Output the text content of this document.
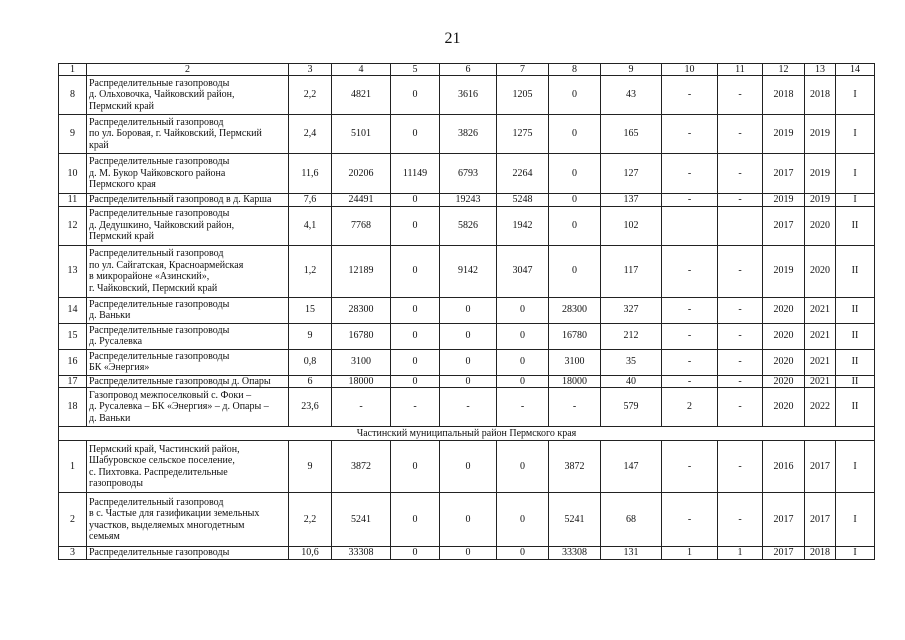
21
1	2	3	4	5	6	7	8	9	10	11	12	13	14
8	Распределительные газопроводы
д. Ольховочка, Чайковский район,
Пермский край	2,2	4821	0	3616	1205	0	43	-	-	2018	2018	I
9	Распределительный газопровод
по ул. Боровая, г. Чайковский, Пермский
край	2,4	5101	0	3826	1275	0	165	-	-	2019	2019	I
10	Распределительные газопроводы
д. М. Букор Чайковского района
Пермского края	11,6	20206	11149	6793	2264	0	127	-	-	2017	2019	I
11	Распределительный газопровод в д. Карша	7,6	24491	0	19243	5248	0	137	-	-	2019	2019	I
12	Распределительные газопроводы
д. Дедушкино, Чайковский район,
Пермский край	4,1	7768	0	5826	1942	0	102			2017	2020	II
13	Распределительный газопровод
по ул. Сайгатская, Красноармейская
в микрорайоне «Азинский»,
г. Чайковский, Пермский край	1,2	12189	0	9142	3047	0	117	-	-	2019	2020	II
14	Распределительные газопроводы
д. Ваньки	15	28300	0	0	0	28300	327	-	-	2020	2021	II
15	Распределительные газопроводы
д. Русалевка	9	16780	0	0	0	16780	212	-	-	2020	2021	II
16	Распределительные газопроводы
БК «Энергия»	0,8	3100	0	0	0	3100	35	-	-	2020	2021	II
17	Распределительные газопроводы д. Опары	6	18000	0	0	0	18000	40	-	-	2020	2021	II
18	Газопровод межпоселковый с. Фоки –
д. Русалевка – БК «Энергия» – д. Опары –
д. Ваньки	23,6	-	-	-	-	-	579	2	-	2020	2022	II
Частинский муниципальный район Пермского края													
1	Пермский край, Частинский район,
Шабуровское сельское поселение,
с. Пихтовка. Распределительные
газопроводы	9	3872	0	0	0	3872	147	-	-	2016	2017	I
2	Распределительный газопровод
в с. Частые для газификации земельных
участков, выделяемых многодетным
семьям	2,2	5241	0	0	0	5241	68	-	-	2017	2017	I
3	Распределительные газопроводы	10,6	33308	0	0	0	33308	131	1	1	2017	2018	I
